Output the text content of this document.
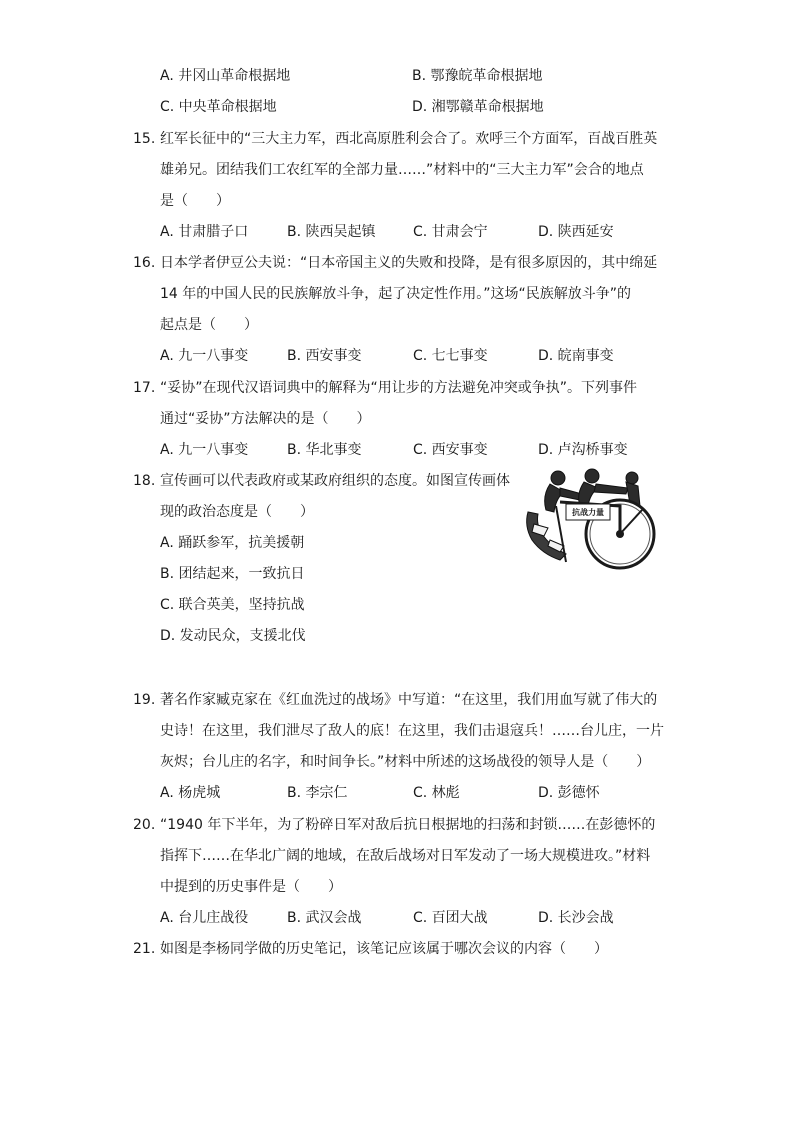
A. 井冈山革命根据地	B. 鄂豫皖革命根据地
C. 中央革命根据地	D. 湘鄂赣革命根据地
15. 红军长征中的“三大主力军，西北高原胜利会合了。欢呼三个方面军，百战百胜英
雄弟兄。团结我们工农红军的全部力量……”材料中的“三大主力军”会合的地点
是（　　）
A. 甘肃腊子口	B. 陕西吴起镇	C. 甘肃会宁	D. 陕西延安
16. 日本学者伊豆公夫说：“日本帝国主义的失败和投降，是有很多原因的，其中绵延
14 年的中国人民的民族解放斗争，起了决定性作用。”这场“民族解放斗争”的
起点是（　　）
A. 九一八事变	B. 西安事变	C. 七七事变	D. 皖南事变
17. “妥协”在现代汉语词典中的解释为“用让步的方法避免冲突或争执”。下列事件
通过“妥协”方法解决的是（　　）
A. 九一八事变	B. 华北事变	C. 西安事变	D. 卢沟桥事变
18. 宣传画可以代表政府或某政府组织的态度。如图宣传画体
现的政治态度是（　　）
A. 踊跃参军，抗美援朝
B. 团结起来，一致抗日
C. 联合英美，坚持抗战
D. 发动民众，支援北伐
抗战力量
19. 著名作家臧克家在《红血洗过的战场》中写道：“在这里，我们用血写就了伟大的
史诗！在这里，我们泄尽了敌人的底！在这里，我们击退寇兵！……台儿庄，一片
灰烬；台儿庄的名字，和时间争长。”材料中所述的这场战役的领导人是（　　）
A. 杨虎城	B. 李宗仁	C. 林彪	D. 彭德怀
20. “1940 年下半年，为了粉碎日军对敌后抗日根据地的扫荡和封锁……在彭德怀的
指挥下……在华北广阔的地域，在敌后战场对日军发动了一场大规模进攻。”材料
中提到的历史事件是（　　）
A. 台儿庄战役	B. 武汉会战	C. 百团大战	D. 长沙会战
21. 如图是李杨同学做的历史笔记，该笔记应该属于哪次会议的内容（　　）
